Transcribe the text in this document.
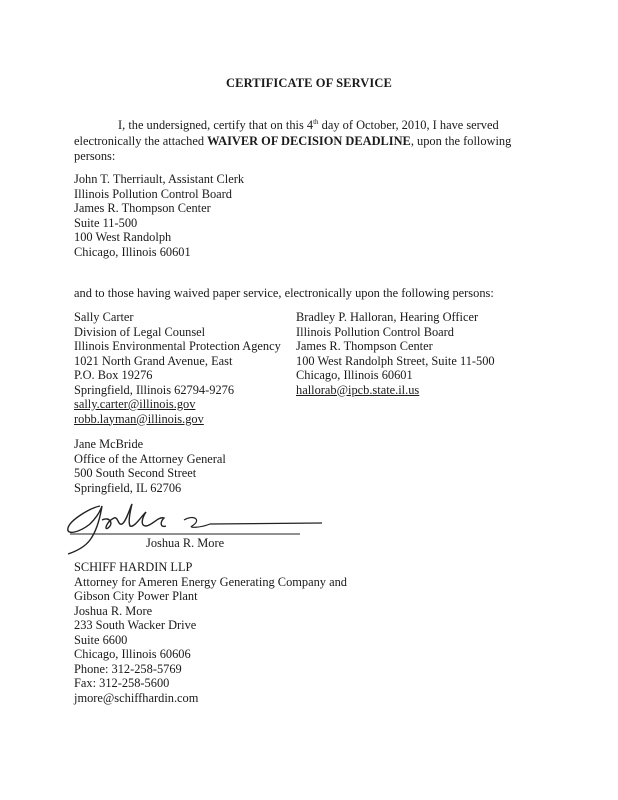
CERTIFICATE OF SERVICE
I, the undersigned, certify that on this 4th day of October, 2010, I have served electronically the attached WAIVER OF DECISION DEADLINE, upon the following persons:
John T. Therriault, Assistant Clerk
Illinois Pollution Control Board
James R. Thompson Center
Suite 11-500
100 West Randolph
Chicago, Illinois 60601
and to those having waived paper service, electronically upon the following persons:
Sally Carter
Division of Legal Counsel
Illinois Environmental Protection Agency
1021 North Grand Avenue, East
P.O. Box 19276
Springfield, Illinois 62794-9276
sally.carter@illinois.gov
robb.layman@illinois.gov
Bradley P. Halloran, Hearing Officer
Illinois Pollution Control Board
James R. Thompson Center
100 West Randolph Street, Suite 11-500
Chicago, Illinois 60601
hallorab@ipcb.state.il.us
Jane McBride
Office of the Attorney General
500 South Second Street
Springfield, IL 62706
Joshua R. More
SCHIFF HARDIN LLP
Attorney for Ameren Energy Generating Company and
Gibson City Power Plant
Joshua R. More
233 South Wacker Drive
Suite 6600
Chicago, Illinois 60606
Phone: 312-258-5769
Fax: 312-258-5600
jmore@schiffhardin.com
